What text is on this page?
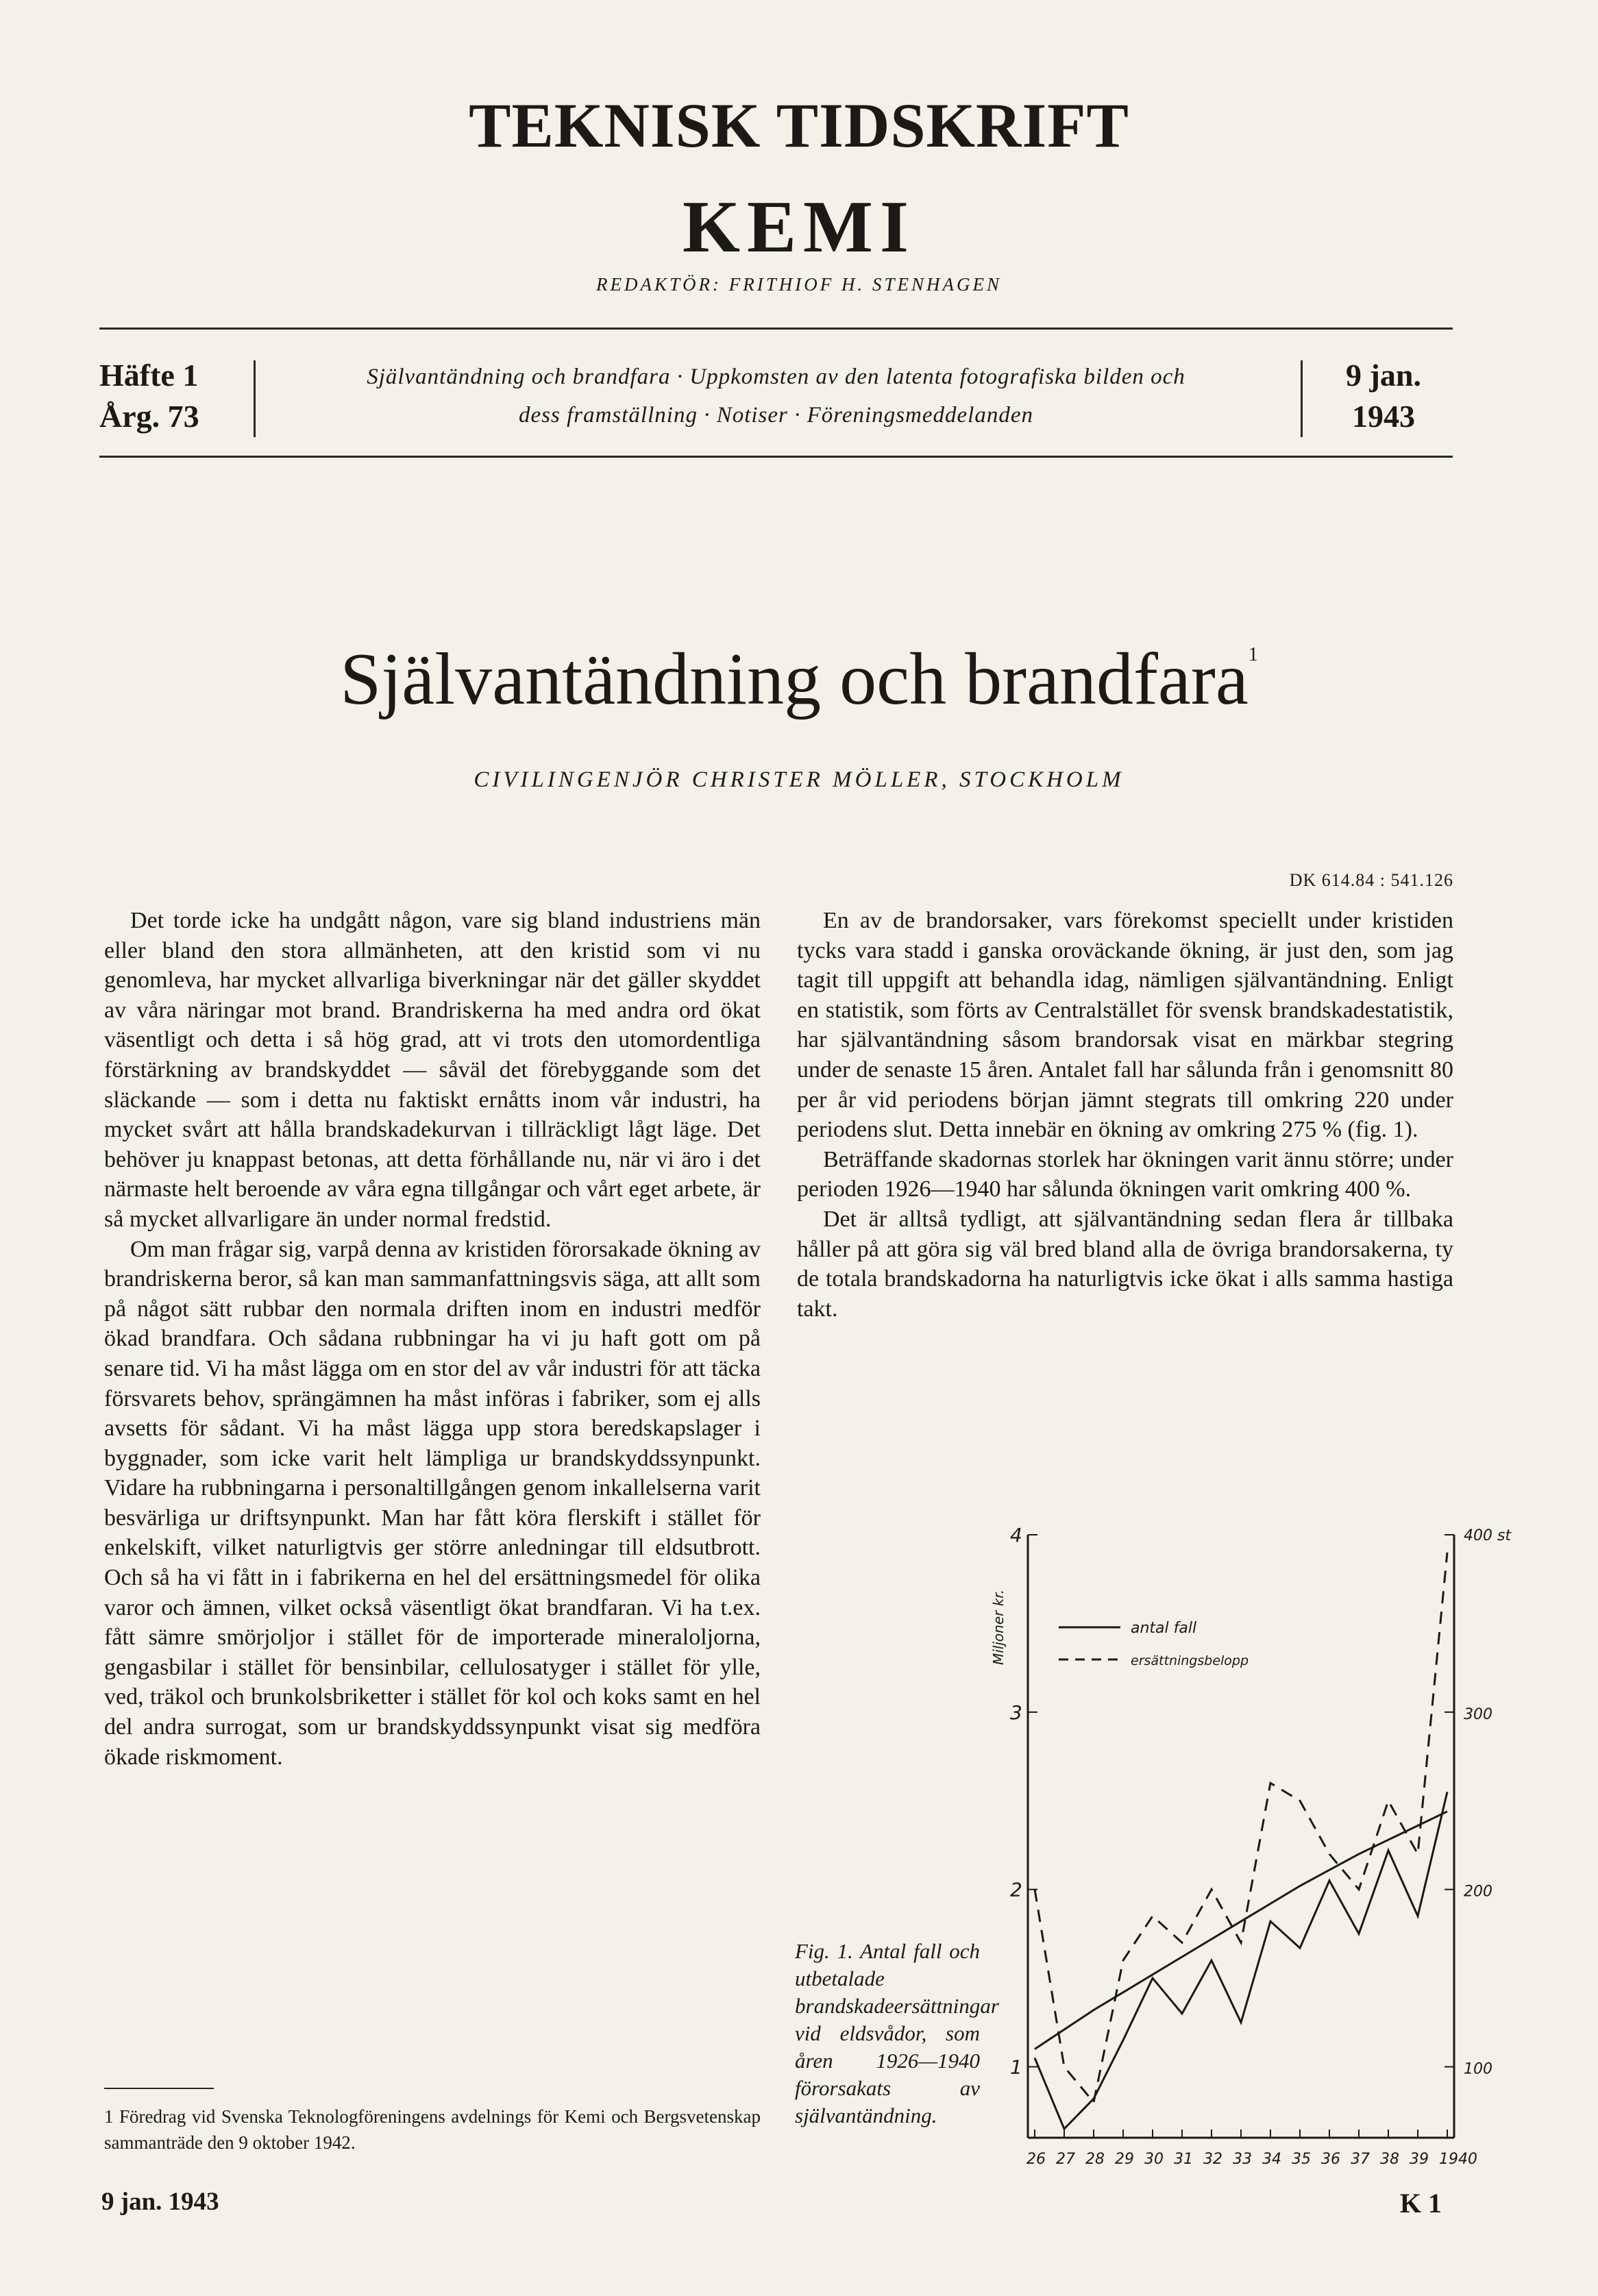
TEKNISK TIDSKRIFT
KEMI
REDAKTÖR: FRITHIOF H. STENHAGEN
Häfte 1
Årg. 73
Självantändning och brandfara · Uppkomsten av den latenta fotografiska bilden och
dess framställning · Notiser · Föreningsmeddelanden
9 jan.
1943
Självantändning och brandfara$^1$
CIVILINGENJÖR CHRISTER MÖLLER, STOCKHOLM
DK 614.84 : 541.126

Det torde icke ha undgått någon, vare sig bland industriens män eller bland den stora allmänheten, att den kristid som vi nu genomleva, har mycket allvarliga biverkningar när det gäller skyddet av våra näringar mot brand. Brandriskerna ha med andra ord ökat väsentligt och detta i så hög grad, att vi trots den utomordentliga förstärkning av brandskyddet — såväl det förebyggande som det släckande — som i detta nu faktiskt ernåtts inom vår industri, ha mycket svårt att hålla brandskadekurvan i tillräckligt lågt läge. Det behöver ju knappast betonas, att detta förhållande nu, när vi äro i det närmaste helt beroende av våra egna tillgångar och vårt eget arbete, är så mycket allvarligare än under normal fredstid.

Om man frågar sig, varpå denna av kristiden förorsakade ökning av brandriskerna beror, så kan man sammanfattningsvis säga, att allt som på något sätt rubbar den normala driften inom en industri medför ökad brandfara. Och sådana rubbningar ha vi ju haft gott om på senare tid. Vi ha måst lägga om en stor del av vår industri för att täcka försvarets behov, sprängämnen ha måst införas i fabriker, som ej alls avsetts för sådant. Vi ha måst lägga upp stora beredskapslager i byggnader, som icke varit helt lämpliga ur brandskyddssynpunkt. Vidare ha rubbningarna i personaltillgången genom inkallelserna varit besvärliga ur driftsynpunkt. Man har fått köra flerskift i stället för enkelskift, vilket naturligtvis ger större anledningar till eldsutbrott. Och så ha vi fått in i fabrikerna en hel del ersättningsmedel för olika varor och ämnen, vilket också väsentligt ökat brandfaran. Vi ha t.ex. fått sämre smörjoljor i stället för de importerade mineraloljorna, gengasbilar i stället för bensinbilar, cellulosatyger i stället för ylle, ved, träkol och brunkolsbriketter i stället för kol och koks samt en hel del andra surrogat, som ur brandskyddssynpunkt visat sig medföra ökade riskmoment.

En av de brandorsaker, vars förekomst speciellt under kristiden tycks vara stadd i ganska oroväckande ökning, är just den, som jag tagit till uppgift att behandla idag, nämligen självantändning. Enligt en statistik, som förts av Centralstället för svensk brandskadestatistik, har självantändning såsom brandorsak visat en märkbar stegring under de senaste 15 åren. Antalet fall har sålunda från i genomsnitt 80 per år vid periodens början jämnt stegrats till omkring 220 under periodens slut. Detta innebär en ökning av omkring 275 % (fig. 1).

Beträffande skadornas storlek har ökningen varit ännu större; under perioden 1926—1940 har sålunda ökningen varit omkring 400 %.

Det är alltså tydligt, att självantändning sedan flera år tillbaka håller på att göra sig väl bred bland alla de övriga brandorsakerna, ty de totala brandskadorna ha naturligtvis icke ökat i alls samma hastiga takt.

1 Föredrag vid Svenska Teknologföreningens avdelnings för Kemi och Bergsvetenskap sammanträde den 9 oktober 1942.
Fig. 1. Antal fall och utbetalade brandskadeersättningar vid eldsvådor, som åren 1926—1940 förorsakats av självantändning.
1
2
3
4
100
200
300
400 st
Miljoner kr.
26 27 28 29 30 31 32 33 34 35 36 37 38 39 1940
antal fall
ersättningsbelopp
9 jan. 1943	K 1
